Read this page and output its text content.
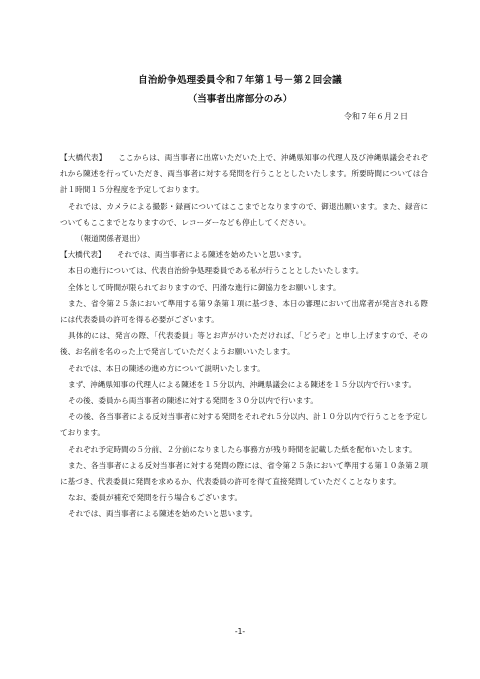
自治紛争処理委員令和７年第１号－第２回会議
（当事者出席部分のみ）
令和７年６月２日

【大橋代表】　　ここからは、両当事者に出席いただいた上で、沖縄県知事の代理人及び沖縄県議会それぞれから陳述を行っていただき、両当事者に対する発問を行うこととしたいたします。所要時間については合計１時間１５分程度を予定しております。

それでは、カメラによる撮影・録画についてはここまでとなりますので、御退出願います。また、録音についてもここまでとなりますので、レコーダーなども停止してください。

（報道関係者退出）

【大橋代表】　　それでは、両当事者による陳述を始めたいと思います。

本日の進行については、代表自治紛争処理委員である私が行うこととしたいたします。

全体として時間が限られておりますので、円滑な進行に御協力をお願いします。

また、省令第２５条において準用する第９条第１項に基づき、本日の審理において出席者が発言される際には代表委員の許可を得る必要がございます。

具体的には、発言の際、「代表委員」等とお声がけいただければ、「どうぞ」と申し上げますので、その後、お名前を名のった上で発言していただくようお願いいたします。

それでは、本日の陳述の進め方について説明いたします。

まず、沖縄県知事の代理人による陳述を１５分以内、沖縄県議会による陳述を１５分以内で行います。

その後、委員から両当事者の陳述に対する発問を３０分以内で行います。

その後、各当事者による反対当事者に対する発問をそれぞれ５分以内、計１０分以内で行うことを予定しております。

それぞれ予定時間の５分前、２分前になりましたら事務方が残り時間を記載した紙を配布いたします。

また、各当事者による反対当事者に対する発問の際には、省令第２５条において準用する第１０条第２項に基づき、代表委員に発問を求めるか、代表委員の許可を得て直接発問していただくことなります。

なお、委員が補充で発問を行う場合もございます。

それでは、両当事者による陳述を始めたいと思います。

-1-
